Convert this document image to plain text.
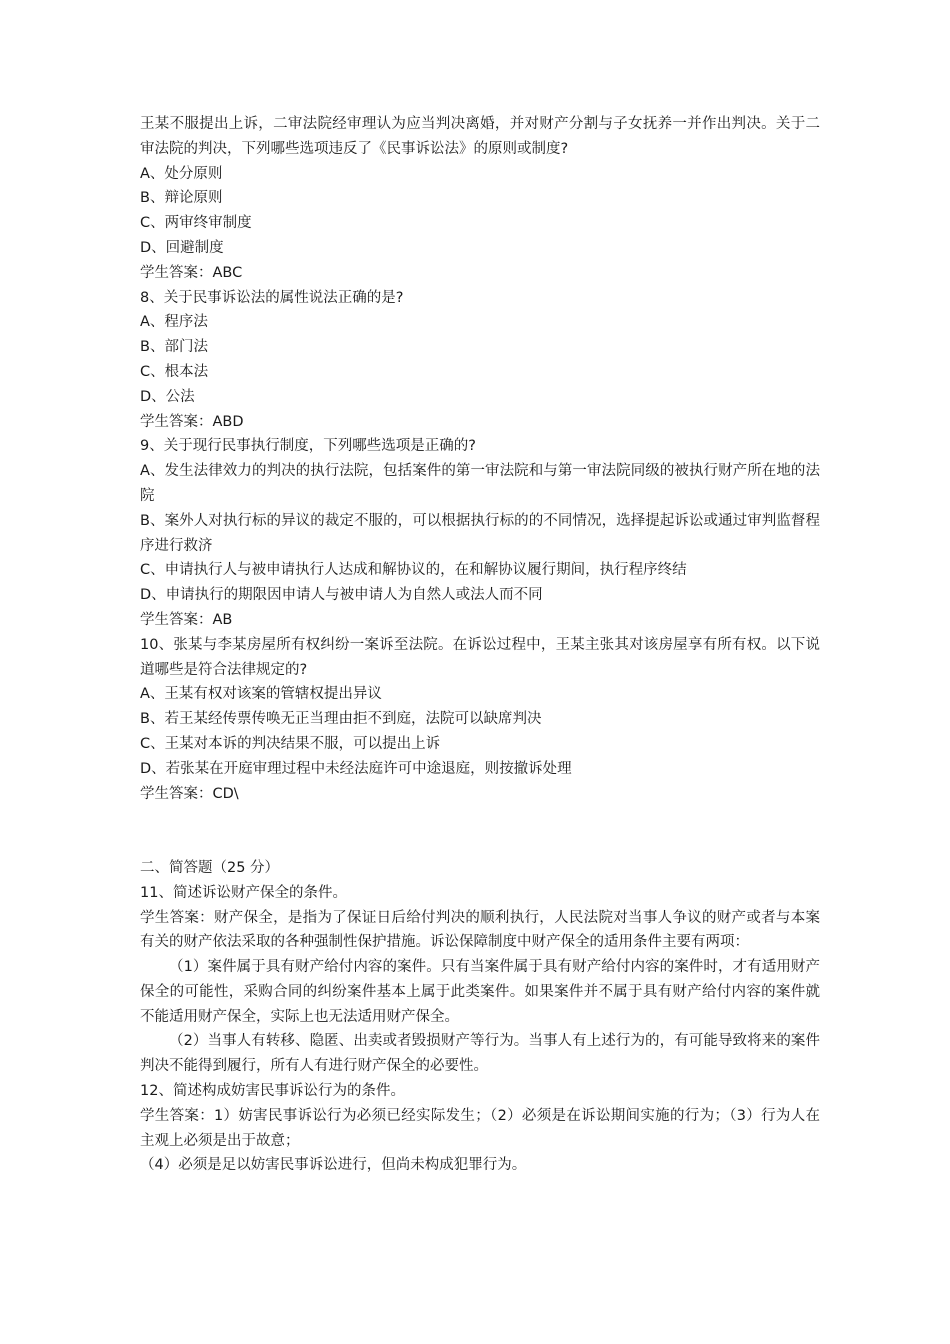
王某不服提出上诉，二审法院经审理认为应当判决离婚，并对财产分割与子女抚养一并作出判决。关于二审法院的判决，下列哪些选项违反了《民事诉讼法》的原则或制度?
A、处分原则
B、辩论原则
C、两审终审制度
D、回避制度
学生答案：ABC
8、关于民事诉讼法的属性说法正确的是?
A、程序法
B、部门法
C、根本法
D、公法
学生答案：ABD
9、关于现行民事执行制度，下列哪些选项是正确的?
A、发生法律效力的判决的执行法院，包括案件的第一审法院和与第一审法院同级的被执行财产所在地的法院
B、案外人对执行标的异议的裁定不服的，可以根据执行标的的不同情况，选择提起诉讼或通过审判监督程序进行救济
C、申请执行人与被申请执行人达成和解协议的，在和解协议履行期间，执行程序终结
D、申请执行的期限因申请人与被申请人为自然人或法人而不同
学生答案：AB
10、张某与李某房屋所有权纠纷一案诉至法院。在诉讼过程中，王某主张其对该房屋享有所有权。以下说道哪些是符合法律规定的?
A、王某有权对该案的管辖权提出异议
B、若王某经传票传唤无正当理由拒不到庭，法院可以缺席判决
C、王某对本诉的判决结果不服，可以提出上诉
D、若张某在开庭审理过程中未经法庭许可中途退庭，则按撤诉处理
学生答案：CD\
二、简答题（25 分）
11、简述诉讼财产保全的条件。
学生答案：财产保全，是指为了保证日后给付判决的顺利执行，人民法院对当事人争议的财产或者与本案有关的财产依法采取的各种强制性保护措施。诉讼保障制度中财产保全的适用条件主要有两项：
（1）案件属于具有财产给付内容的案件。只有当案件属于具有财产给付内容的案件时，才有适用财产保全的可能性，采购合同的纠纷案件基本上属于此类案件。如果案件并不属于具有财产给付内容的案件就不能适用财产保全，实际上也无法适用财产保全。
（2）当事人有转移、隐匿、出卖或者毁损财产等行为。当事人有上述行为的，有可能导致将来的案件判决不能得到履行，所有人有进行财产保全的必要性。
12、简述构成妨害民事诉讼行为的条件。
学生答案：1）妨害民事诉讼行为必须已经实际发生；（2）必须是在诉讼期间实施的行为；（3）行为人在主观上必须是出于故意；
（4）必须是足以妨害民事诉讼进行，但尚未构成犯罪行为。
